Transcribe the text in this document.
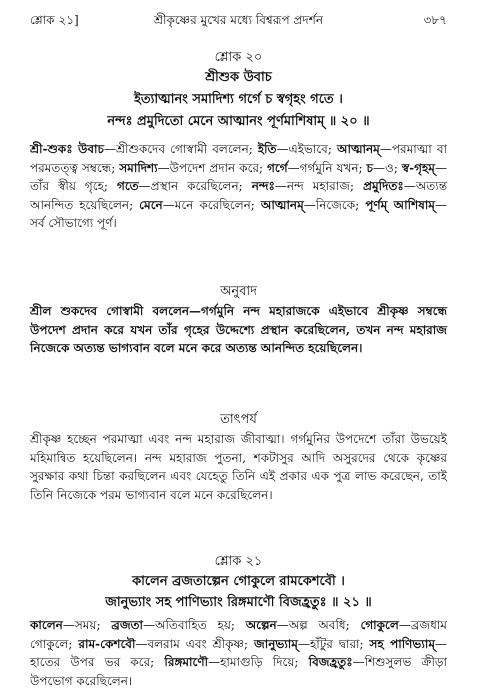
শ্লোক ২১]	শ্রীকৃষ্ণের মুখের মধ্যে বিশ্বরূপ প্রদর্শন	৩৮৭
শ্লোক ২০
শ্রীশুক উবাচ
ইত্যাত্মানং সমাদিশ্য গর্গে চ স্বগৃহং গতে ।
নন্দঃ প্রমুদিতো মেনে আত্মানং পূর্ণমাশিষাম্ ॥ ২০ ॥
শ্রী-শুকঃ উবাচ—শ্রীশুকদেব গোস্বামী বললেন; ইতি—এইভাবে; আত্মানম্—পরমাত্মা বা পরমতত্ত্ব সম্বন্ধে; সমাদিশ্য—উপদেশ প্রদান করে; গর্গে—গর্গমুনি যখন; চ—ও; স্ব-গৃহম্—তাঁর স্বীয় গৃহে; গতে—প্রস্থান করেছিলেন; নন্দঃ—নন্দ মহারাজ; প্রমুদিতঃ—অত্যন্ত আনন্দিত হয়েছিলেন; মেনে—মনে করেছিলেন; আত্মানম্—নিজেকে; পূর্ণম্ আশিষাম্—সর্ব সৌভাগ্যে পূর্ণ।
অনুবাদ
শ্রীল শুকদেব গোস্বামী বললেন—গর্গমুনি নন্দ মহারাজকে এইভাবে শ্রীকৃষ্ণ সম্বন্ধে উপদেশ প্রদান করে যখন তাঁর গৃহের উদ্দেশ্যে প্রস্থান করেছিলেন, তখন নন্দ মহারাজ নিজেকে অত্যন্ত ভাগ্যবান বলে মনে করে অত্যন্ত আনন্দিত হয়েছিলেন।
তাৎপর্য
শ্রীকৃষ্ণ হচ্ছেন পরমাত্মা এবং নন্দ মহারাজ জীবাত্মা। গর্গমুনির উপদেশে তাঁরা উভয়েই মহিমান্বিত হয়েছিলেন। নন্দ মহারাজ পুতনা, শকটাসুর আদি অসুরদের থেকে কৃষ্ণের সুরক্ষার কথা চিন্তা করছিলেন এবং যেহেতু তিনি এই প্রকার এক পুত্র লাভ করেছেন, তাই তিনি নিজেকে পরম ভাগ্যবান বলে মনে করেছিলেন।
শ্লোক ২১
কালেন ব্রজতাল্পেন গোকুলে রামকেশবৌ ।
জানুভ্যাং সহ পাণিভ্যাং রিঙ্গমাণৌ বিজহ্রতুঃ ॥ ২১ ॥
কালেন—সময়; ব্রজতা—অতিবাহিত হয়; অল্পেন—অল্প অবধি; গোকুলে—ব্রজধাম গোকুলে; রাম-কেশবৌ—বলরাম এবং শ্রীকৃষ্ণ; জানুভ্যাম্—হাঁটুর দ্বারা; সহ পাণিভ্যাম্—হাতের উপর ভর করে; রিঙ্গমাণৌ—হামাগুড়ি দিয়ে; বিজহ্রতুঃ—শিশুসুলভ ক্রীড়া উপভোগ করেছিলেন।
